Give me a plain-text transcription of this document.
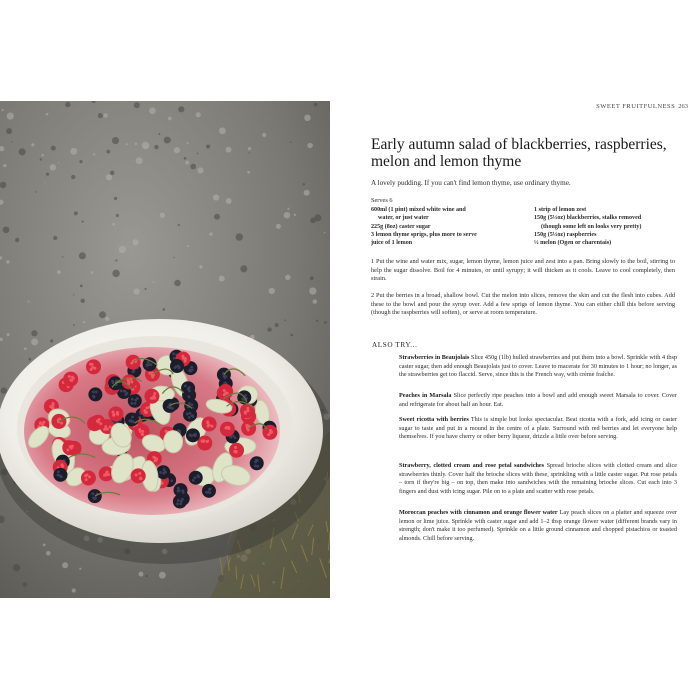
SWEET FRUITFULNESS 263
Early autumn salad of blackberries, raspberries, melon and lemon thyme

A lovely pudding. If you can't find lemon thyme, use ordinary thyme.

Serves 6

600ml (1 pint) mixed white wine and
water, or just water
225g (8oz) caster sugar
3 lemon thyme sprigs, plus more to serve
juice of 1 lemon
1 strip of lemon zest
150g (5½oz) blackberries, stalks removed
(though some left on looks very pretty)
150g (5½oz) raspberries
½ melon (Ogen or charentais)

1 Put the wine and water mix, sugar, lemon thyme, lemon juice and zest into a pan. Bring slowly to the boil, stirring to help the sugar dissolve. Boil for 4 minutes, or until syrupy; it will thicken as it cools. Leave to cool completely, then strain.

2 Put the berries in a broad, shallow bowl. Cut the melon into slices, remove the skin and cut the flesh into cubes. Add these to the bowl and pour the syrup over. Add a few sprigs of lemon thyme. You can either chill this before serving (though the raspberries will soften), or serve at room temperature.

ALSO TRY...

Strawberries in Beaujolais Slice 450g (1lb) hulled strawberries and put them into a bowl. Sprinkle with 4 tbsp caster sugar, then add enough Beaujolais just to cover. Leave to macerate for 30 minutes to 1 hour; no longer, as the strawberries get too flaccid. Serve, since this is the French way, with crème fraîche.

Peaches in Marsala Slice perfectly ripe peaches into a bowl and add enough sweet Marsala to cover. Cover and refrigerate for about half an hour. Eat.

Sweet ricotta with berries This is simple but looks spectacular. Beat ricotta with a fork, add icing or caster sugar to taste and put in a mound in the centre of a plate. Surround with red berries and let everyone help themselves. If you have cherry or other berry liqueur, drizzle a little over before serving.

Strawberry, clotted cream and rose petal sandwiches Spread brioche slices with clotted cream and slice strawberries thinly. Cover half the brioche slices with these, sprinkling with a little caster sugar. Put rose petals – torn if they're big – on top, then make into sandwiches with the remaining brioche slices. Cut each into 3 fingers and dust with icing sugar. Pile on to a plate and scatter with rose petals.

Moroccan peaches with cinnamon and orange flower water Lay peach slices on a platter and squeeze over lemon or lime juice. Sprinkle with caster sugar and add 1–2 tbsp orange flower water (different brands vary in strength; don't make it too perfumed). Sprinkle on a little ground cinnamon and chopped pistachios or toasted almonds. Chill before serving.
